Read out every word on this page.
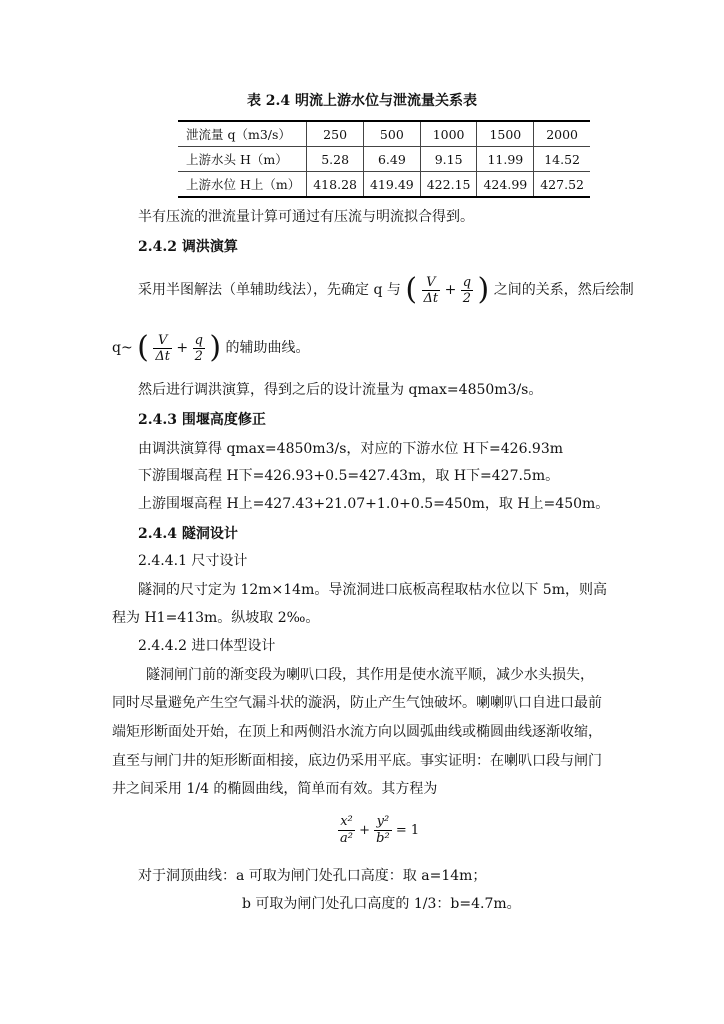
表 2.4 明流上游水位与泄流量关系表
泄流量 q（m3/s）	250	500	1000	1500	2000
上游水头 H（m）	5.28	6.49	9.15	11.99	14.52
上游水位 H上（m）	418.28	419.49	422.15	424.99	427.52
半有压流的泄流量计算可通过有压流与明流拟合得到。
2.4.2 调洪演算
采用半图解法（单辅助线法），先确定 q 与 ( $\frac{V}{\Delta t} + \frac{q}{2}$ ) 之间的关系，然后绘制
q~ ( $\frac{V}{\Delta t} + \frac{q}{2}$ ) 的辅助曲线。
然后进行调洪演算，得到之后的设计流量为 qmax=4850m3/s。
2.4.3 围堰高度修正
由调洪演算得 qmax=4850m3/s，对应的下游水位 H下=426.93m
下游围堰高程 H下=426.93+0.5=427.43m，取 H下=427.5m。
上游围堰高程 H上=427.43+21.07+1.0+0.5=450m，取 H上=450m。
2.4.4 隧洞设计
2.4.4.1 尺寸设计
隧洞的尺寸定为 12m×14m。导流洞进口底板高程取枯水位以下 5m，则高
程为 H1=413m。纵坡取 2‰。
2.4.4.2 进口体型设计
隧洞闸门前的渐变段为喇叭口段，其作用是使水流平顺，减少水头损失，
同时尽量避免产生空气漏斗状的漩涡，防止产生气蚀破坏。喇喇叭口自进口最前
端矩形断面处开始，在顶上和两侧沿水流方向以圆弧曲线或椭圆曲线逐渐收缩，
直至与闸门井的矩形断面相接，底边仍采用平底。事实证明：在喇叭口段与闸门
井之间采用 1/4 的椭圆曲线，简单而有效。其方程为
$\frac{\text{x²}}{\text{a²}} + \frac{\text{y²}}{\text{b²}} = 1$
对于洞顶曲线：a 可取为闸门处孔口高度：取 a=14m；
b 可取为闸门处孔口高度的 1/3：b=4.7m。
